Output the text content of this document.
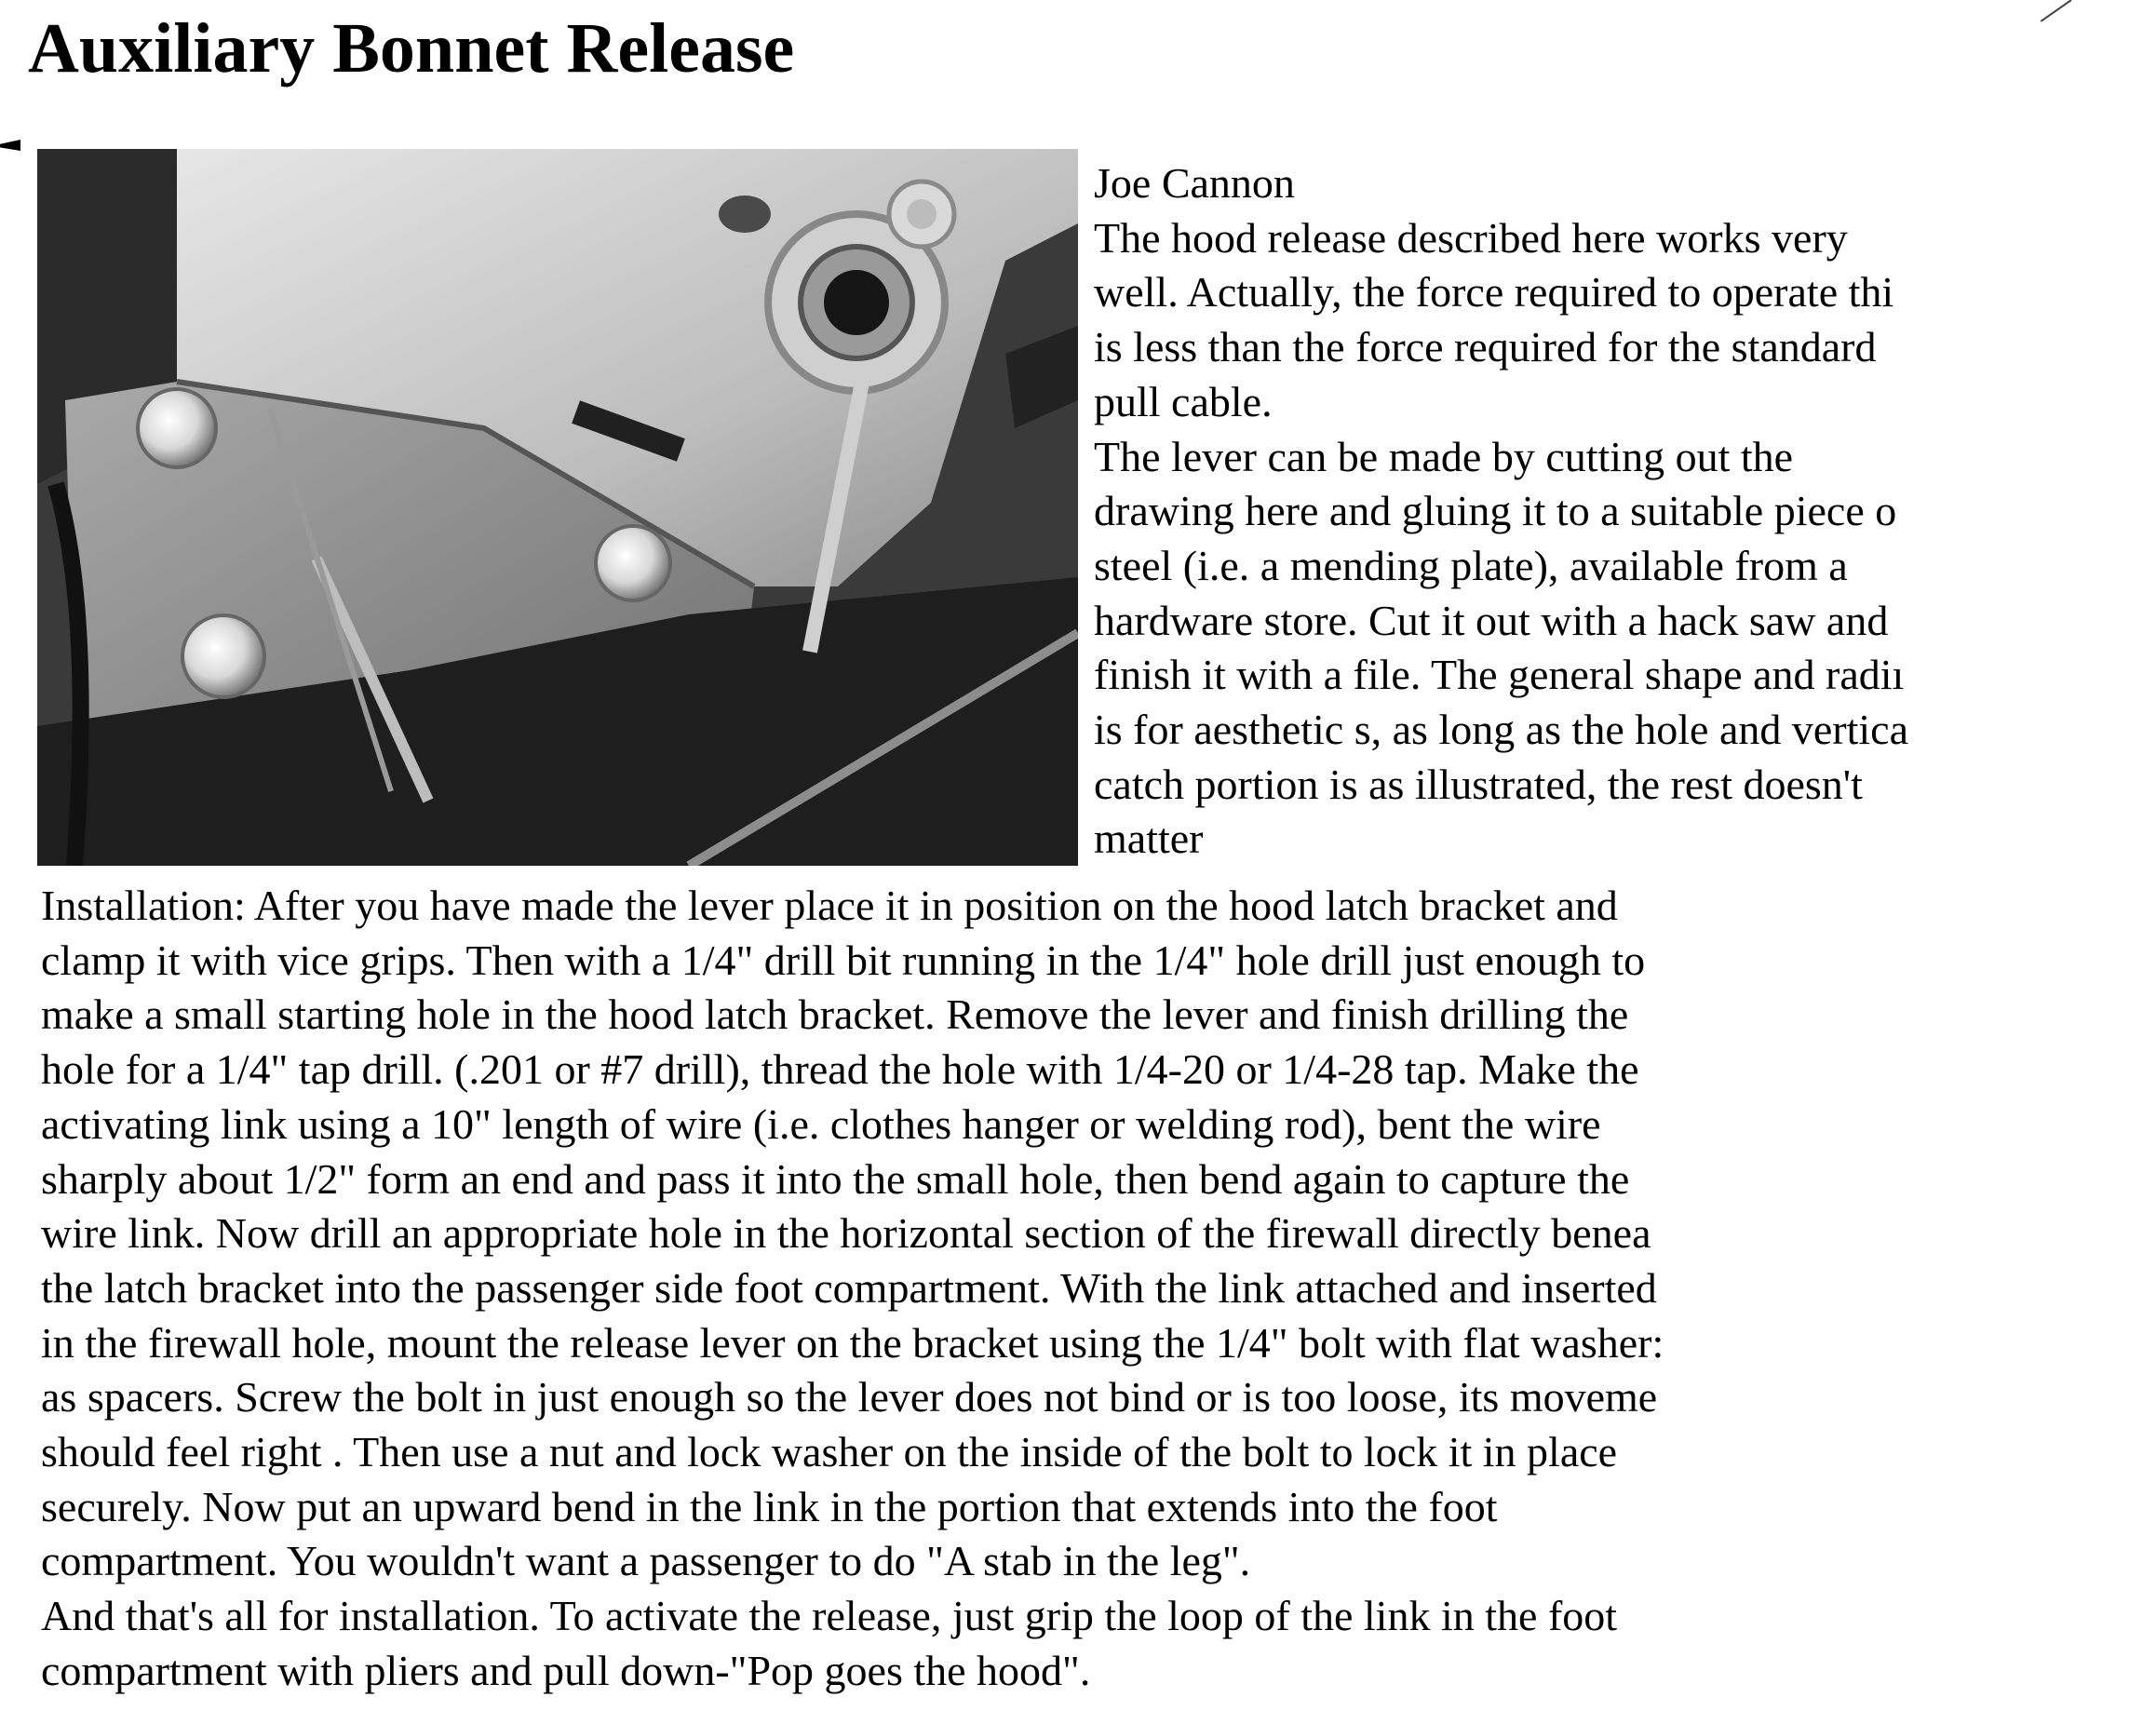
Auxiliary Bonnet Release
Joe Cannon
The hood release described here works very
well. Actually, the force required to operate thi
is less than the force required for the standard
pull cable.
The lever can be made by cutting out the
drawing here and gluing it to a suitable piece o
steel (i.e. a mending plate), available from a
hardware store. Cut it out with a hack saw and
finish it with a file. The general shape and radiı
is for aesthetic s, as long as the hole and vertica
catch portion is as illustrated, the rest doesn't
matter
Installation: After you have made the lever place it in position on the hood latch bracket and
clamp it with vice grips. Then with a 1/4" drill bit running in the 1/4" hole drill just enough to
make a small starting hole in the hood latch bracket. Remove the lever and finish drilling the
hole for a 1/4" tap drill. (.201 or #7 drill), thread the hole with 1/4-20 or 1/4-28 tap. Make the
activating link using a 10" length of wire (i.e. clothes hanger or welding rod), bent the wire
sharply about 1/2" form an end and pass it into the small hole, then bend again to capture the
wire link. Now drill an appropriate hole in the horizontal section of the firewall directly benea
the latch bracket into the passenger side foot compartment. With the link attached and inserted
in the firewall hole, mount the release lever on the bracket using the 1/4" bolt with flat washer:
as spacers. Screw the bolt in just enough so the lever does not bind or is too loose, its moveme
should feel right . Then use a nut and lock washer on the inside of the bolt to lock it in place
securely. Now put an upward bend in the link in the portion that extends into the foot
compartment. You wouldn't want a passenger to do "A stab in the leg".
And that's all for installation. To activate the release, just grip the loop of the link in the foot
compartment with pliers and pull down-"Pop goes the hood".
